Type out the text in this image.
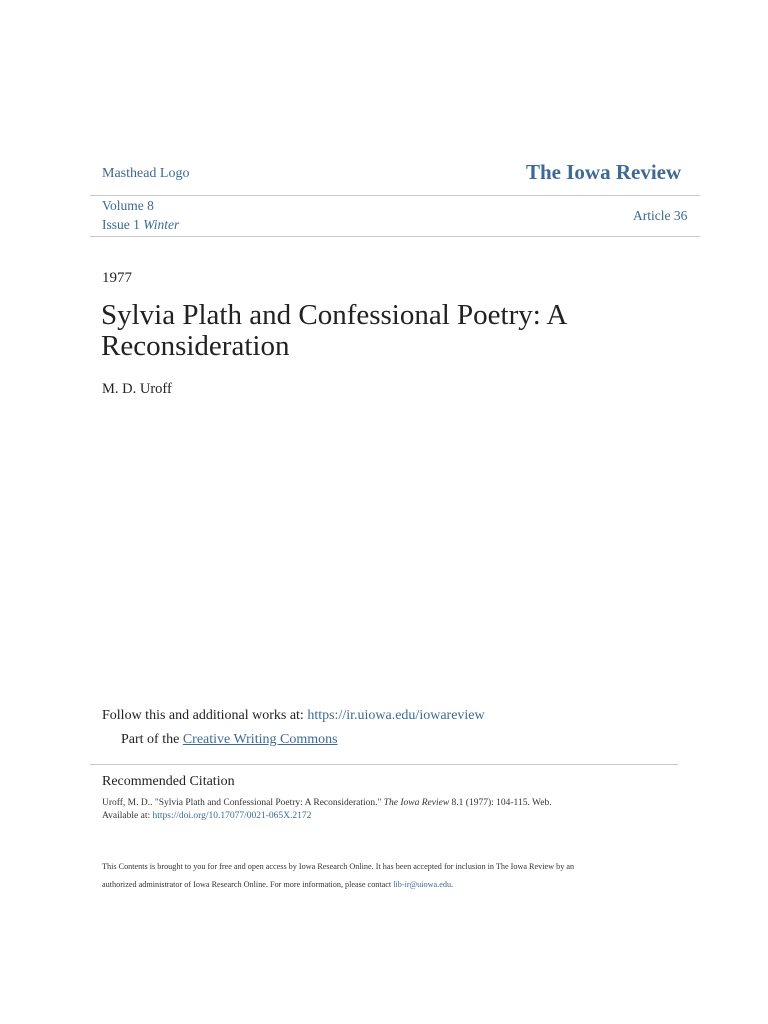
Masthead Logo	The Iowa Review
Volume 8
Issue 1 Winter
Article 36
1977
Sylvia Plath and Confessional Poetry: A Reconsideration
M. D. Uroff
Follow this and additional works at: https://ir.uiowa.edu/iowareview
Part of the Creative Writing Commons
Recommended Citation
Uroff, M. D.. "Sylvia Plath and Confessional Poetry: A Reconsideration." The Iowa Review 8.1 (1977): 104-115. Web.
Available at: https://doi.org/10.17077/0021-065X.2172
This Contents is brought to you for free and open access by Iowa Research Online. It has been accepted for inclusion in The Iowa Review by an
authorized administrator of Iowa Research Online. For more information, please contact lib-ir@uiowa.edu.
